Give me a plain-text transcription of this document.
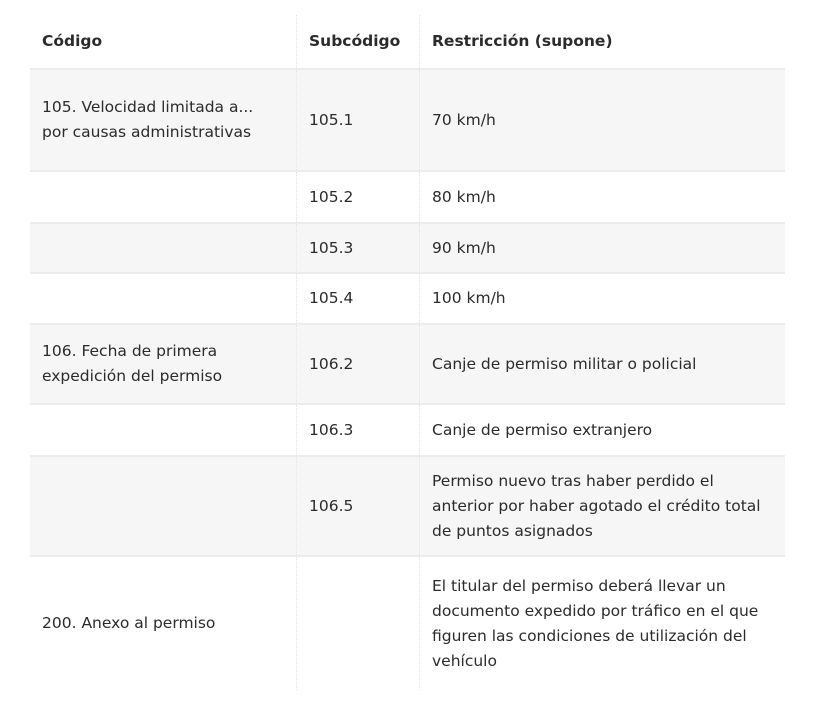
Código	Subcódigo	Restricción (supone)
105. Velocidad limitada a... por causas administrativas	105.1	70 km/h
	105.2	80 km/h
	105.3	90 km/h
	105.4	100 km/h
106. Fecha de primera expedición del permiso	106.2	Canje de permiso militar o policial
	106.3	Canje de permiso extranjero
	106.5	Permiso nuevo tras haber perdido el anterior por haber agotado el crédito total de puntos asignados
200. Anexo al permiso		El titular del permiso deberá llevar un documento expedido por tráfico en el que figuren las condiciones de utilización del vehículo
